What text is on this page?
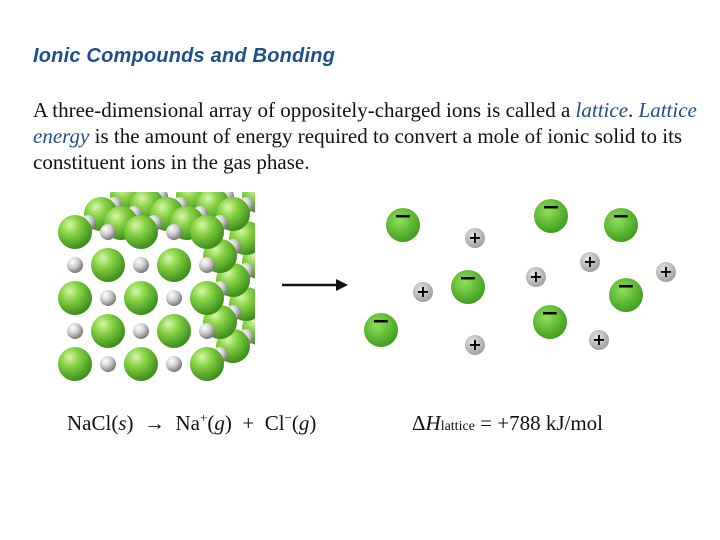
Ionic Compounds and Bonding
A three-dimensional array of oppositely-charged ions is called a lattice. Lattice energy is the amount of energy required to convert a mole of ionic solid to its constituent ions in the gas phase.
−
+
− −
+
−	+
+
−
+
−
+
−
+
NaCl(s)  → Na+(g)  + Cl−(g)	ΔHlattice = +788 kJ/mol
